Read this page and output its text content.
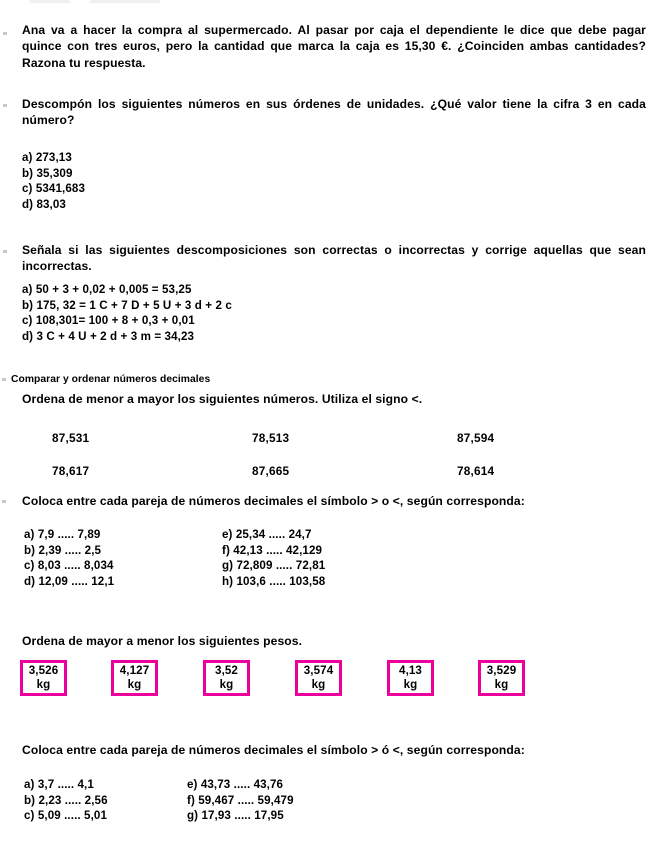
Ana va a hacer la compra al supermercado. Al pasar por caja el dependiente le dice que debe pagar quince con tres euros, pero la cantidad que marca la caja es 15,30 €. ¿Coinciden ambas cantidades? Razona tu respuesta.

Descompón los siguientes números en sus órdenes de unidades. ¿Qué valor tiene la cifra 3 en cada número?

a) 273,13
b) 35,309
c) 5341,683
d) 83,03

Señala si las siguientes descomposiciones son correctas o incorrectas y corrige aquellas que sean incorrectas.

a) 50 + 3 + 0,02 + 0,005 = 53,25
b) 175, 32 = 1 C + 7 D + 5 U + 3 d + 2 c
c) 108,301= 100 + 8 + 0,3 + 0,01
d) 3 C + 4 U + 2 d + 3 m = 34,23
Comparar y ordenar números decimales

Ordena de menor a mayor los siguientes números. Utiliza el signo <.

87,531	78,513	87,594
78,617	87,665	78,614

Coloca entre cada pareja de números decimales el símbolo > o <, según corresponda:

a) 7,9 ..... 7,89
b) 2,39 ..... 2,5
c) 8,03 ..... 8,034
d) 12,09 ..... 12,1
e) 25,34 ..... 24,7
f) 42,13 ..... 42,129
g) 72,809 ..... 72,81
h) 103,6 ..... 103,58

Ordena de mayor a menor los siguientes pesos.

3,526
kg
4,127
kg
3,52
kg
3,574
kg
4,13
kg
3,529
kg

Coloca entre cada pareja de números decimales el símbolo > ó <, según corresponda:

a) 3,7 ..... 4,1
b) 2,23 ..... 2,56
c) 5,09 ..... 5,01
e) 43,73 ..... 43,76
f) 59,467 ..... 59,479
g) 17,93 ..... 17,95
